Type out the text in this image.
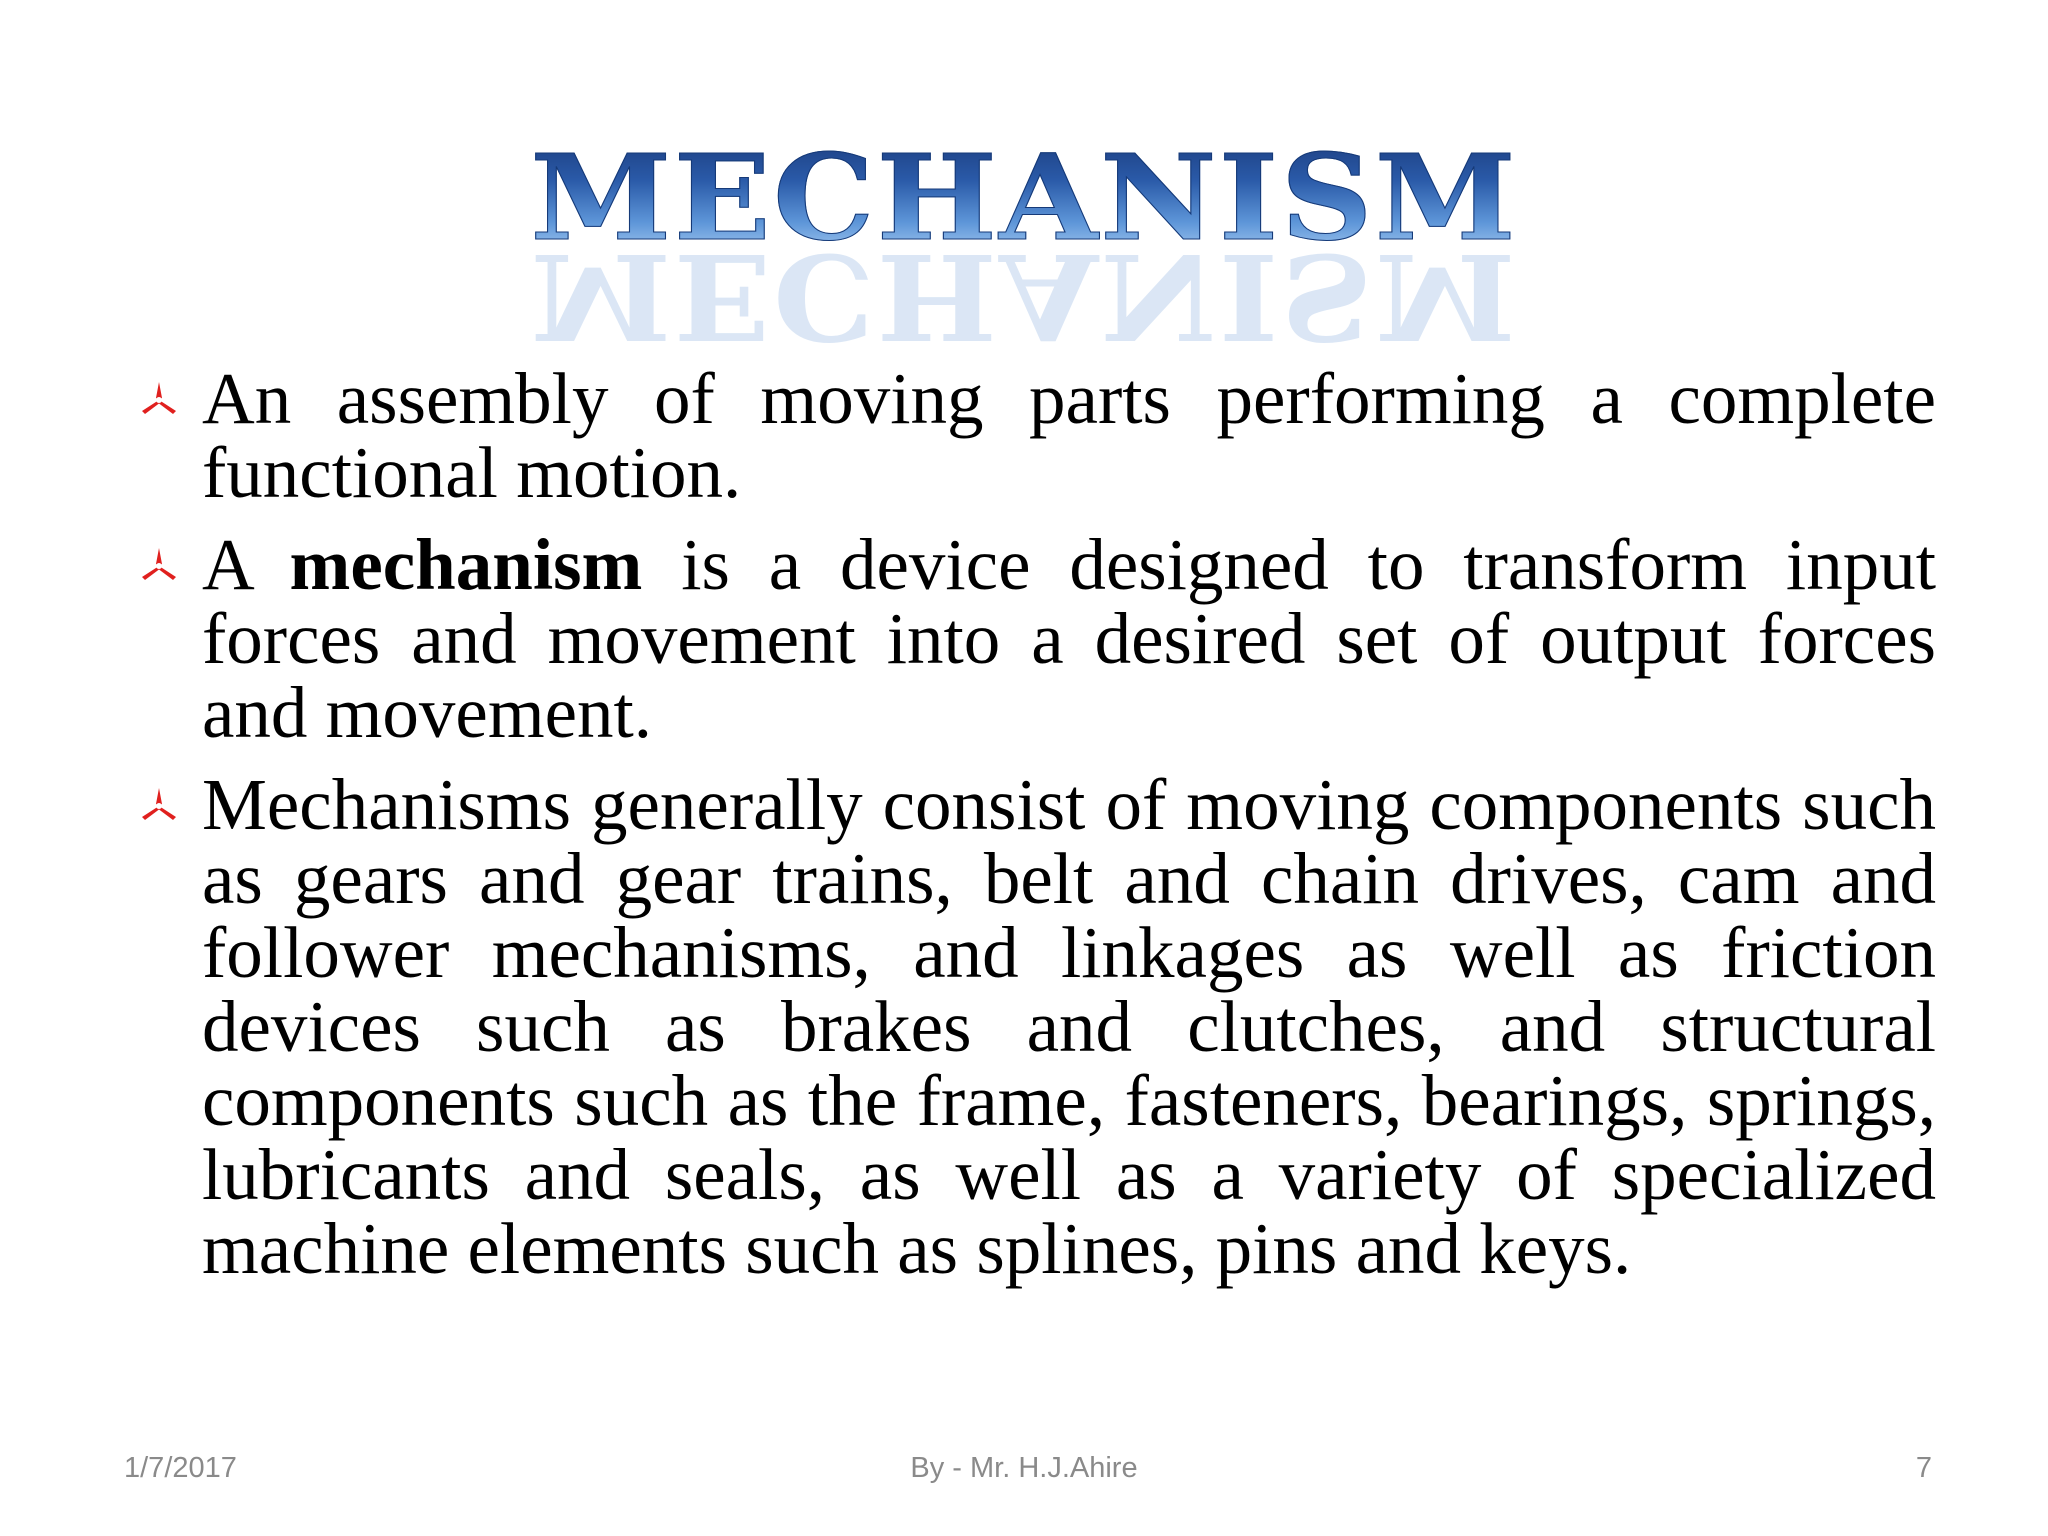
MECHANISM
MECHANISM
An assembly of moving parts performing a complete functional motion.
A mechanism is a device designed to transform input forces and movement into a desired set of output forces and movement.
Mechanisms generally consist of moving components such as gears and gear trains, belt and chain drives, cam and follower mechanisms, and linkages as well as friction devices such as brakes and clutches, and structural components such as the frame, fasteners, bearings, springs, lubricants and seals, as well as a variety of specialized machine elements such as splines, pins and keys.
1/7/2017	By - Mr. H.J.Ahire	7
